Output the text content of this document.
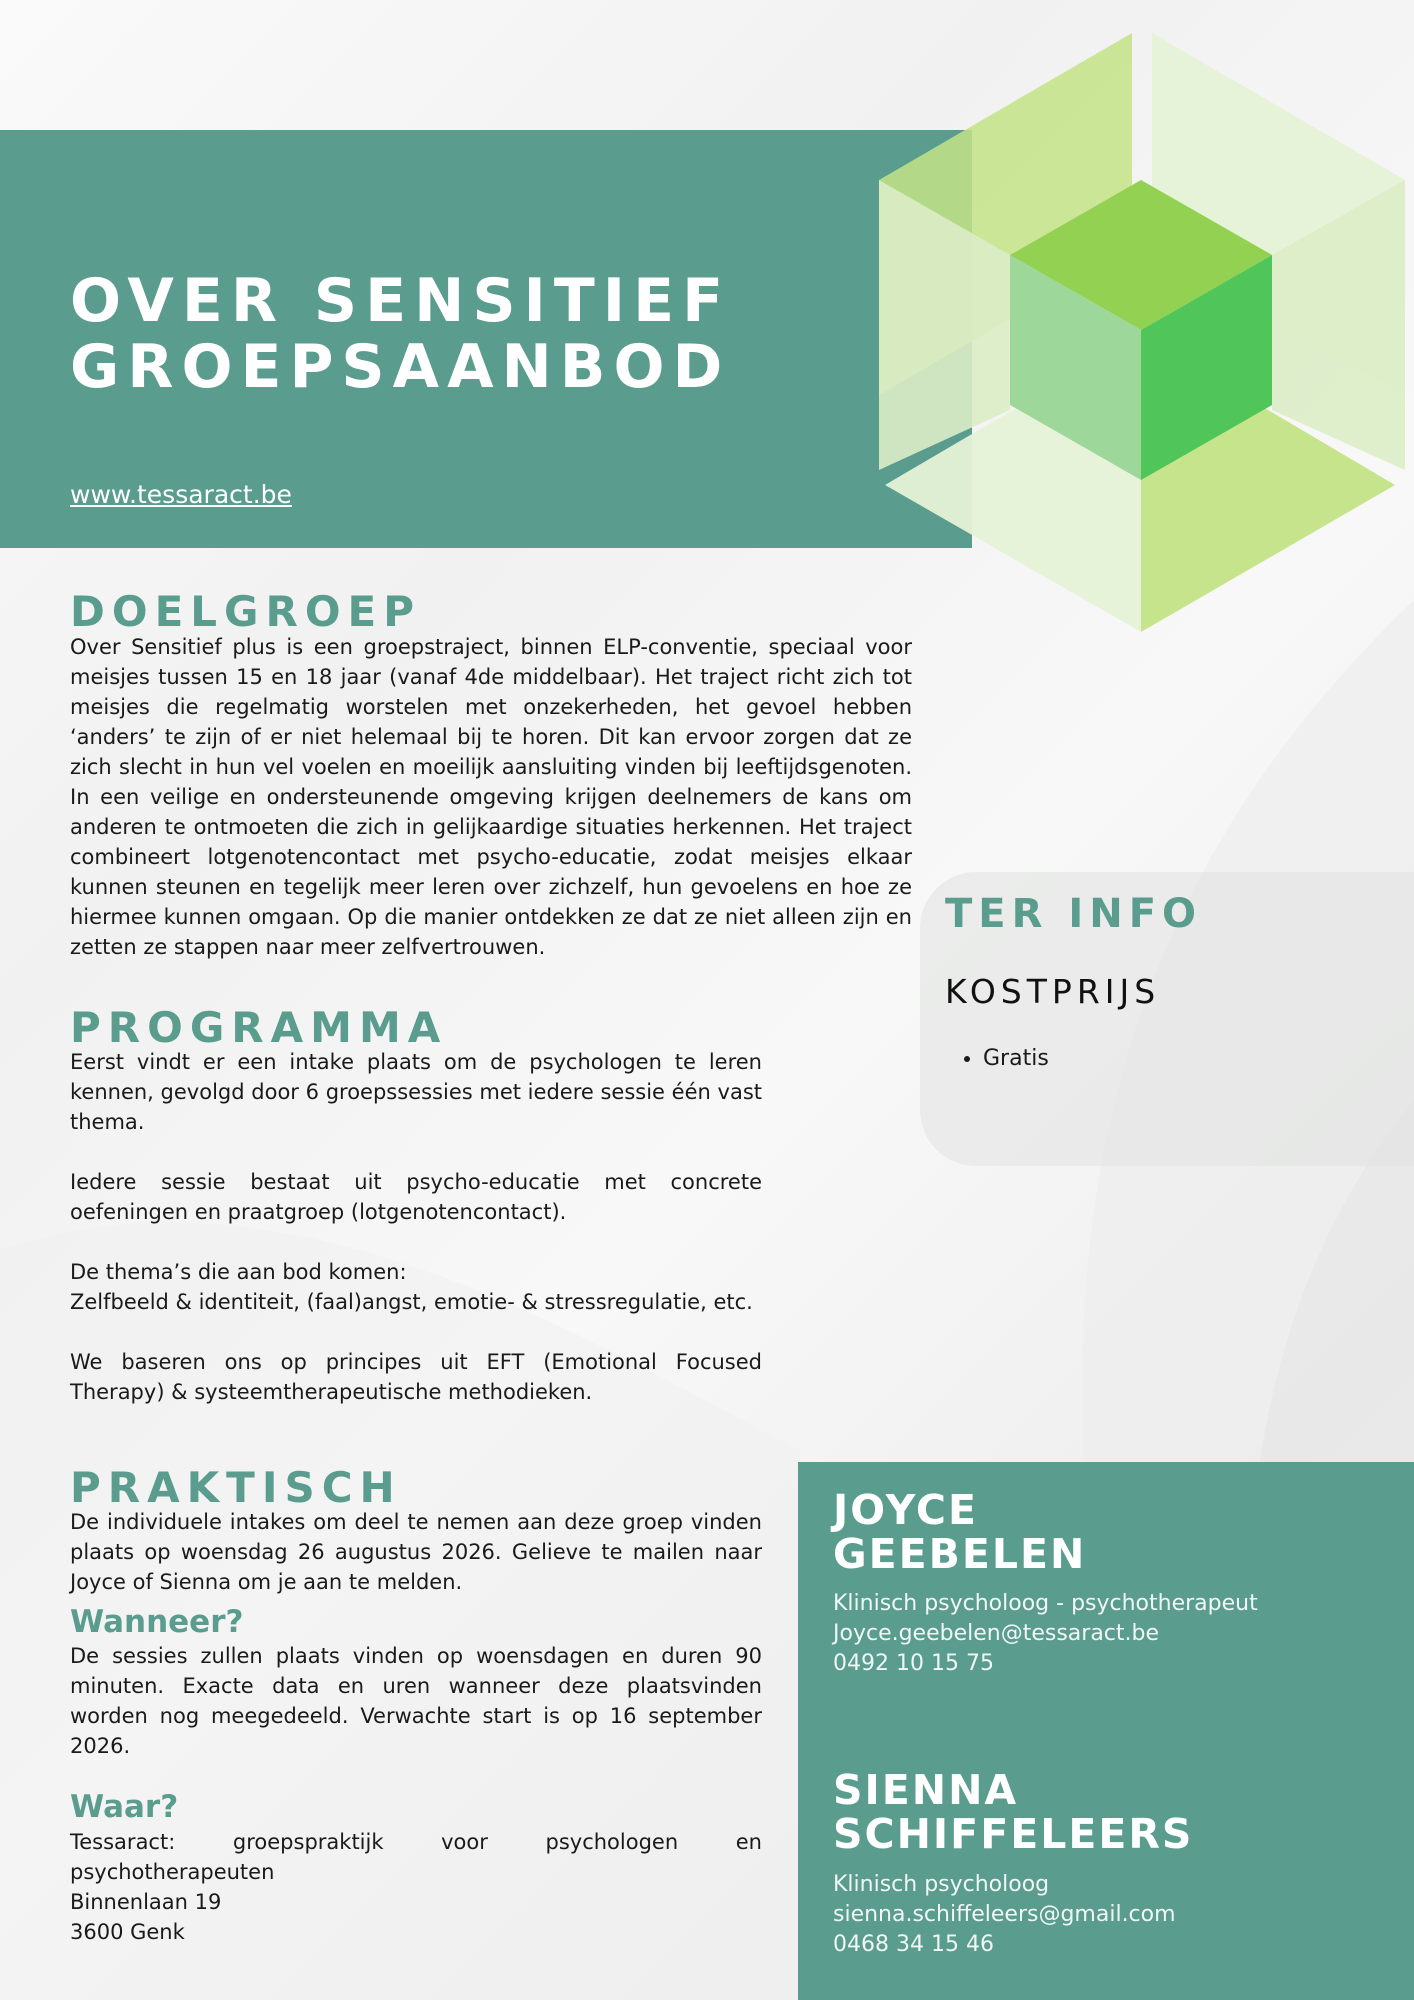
OVER SENSITIEF
GROEPSAANBOD
www.tessaract.be
DOELGROEP

Over Sensitief plus is een groepstraject, binnen ELP-conventie, speciaal voor meisjes tussen 15 en 18 jaar (vanaf 4de middelbaar). Het traject richt zich tot meisjes die regelmatig worstelen met onzekerheden, het gevoel hebben ‘anders’ te zijn of er niet helemaal bij te horen. Dit kan ervoor zorgen dat ze zich slecht in hun vel voelen en moeilijk aansluiting vinden bij leeftijdsgenoten. In een veilige en ondersteunende omgeving krijgen deelnemers de kans om anderen te ontmoeten die zich in gelijkaardige situaties herkennen. Het traject combineert lotgenotencontact met psycho-educatie, zodat meisjes elkaar kunnen steunen en tegelijk meer leren over zichzelf, hun gevoelens en hoe ze hiermee kunnen omgaan. Op die manier ontdekken ze dat ze niet alleen zijn en zetten ze stappen naar meer zelfvertrouwen.

PROGRAMMA

Eerst vindt er een intake plaats om de psychologen te leren kennen, gevolgd door 6 groepssessies met iedere sessie één vast thema.

Iedere sessie bestaat uit psycho-educatie met concrete oefeningen en praatgroep (lotgenotencontact).

De thema’s die aan bod komen:
Zelfbeeld & identiteit, (faal)angst, emotie- & stressregulatie, etc.

We baseren ons op principes uit EFT (Emotional Focused Therapy) & systeemtherapeutische methodieken.

PRAKTISCH

De individuele intakes om deel te nemen aan deze groep vinden plaats op woensdag 26 augustus 2026. Gelieve te mailen naar Joyce of Sienna om je aan te melden.

Wanneer?

De sessies zullen plaats vinden op woensdagen en duren 90 minuten. Exacte data en uren wanneer deze plaatsvinden worden nog meegedeeld. Verwachte start is op 16 september 2026.

Waar?
Tessaract: groepspraktijk voor psychologen en psychotherapeuten
Binnenlaan 19
3600 Genk
TER INFO
KOSTPRIJS
• Gratis
JOYCE
GEEBELEN
Klinisch psycholoog - psychotherapeut
Joyce.geebelen@tessaract.be
0492 10 15 75
SIENNA
SCHIFFELEERS
Klinisch psycholoog
sienna.schiffeleers@gmail.com
0468 34 15 46
